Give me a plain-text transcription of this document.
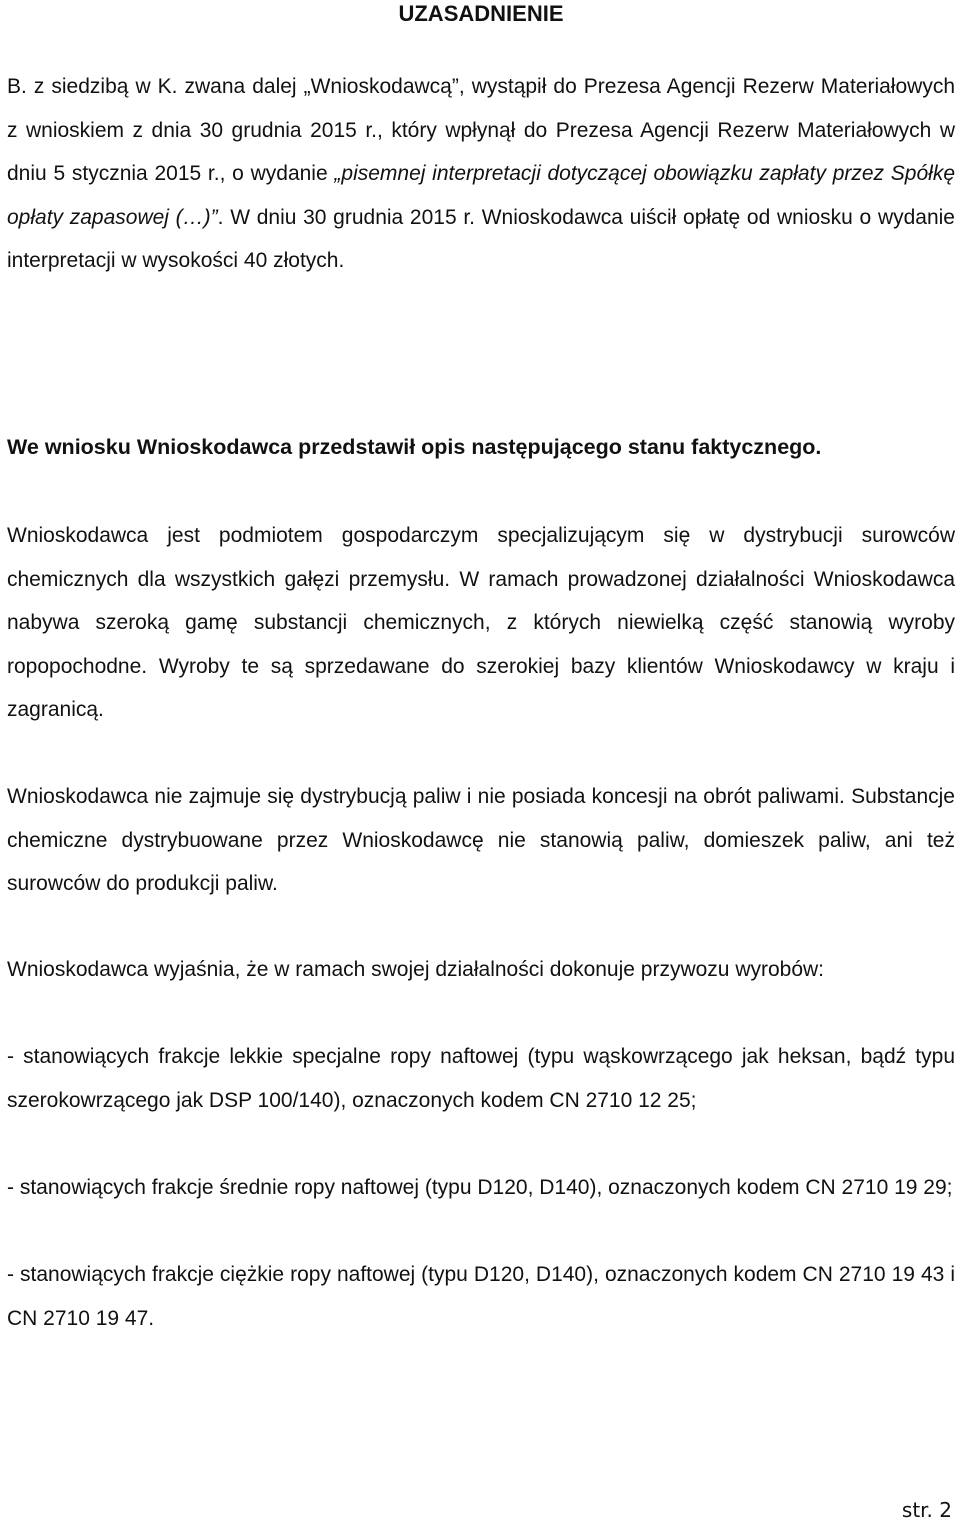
UZASADNIENIE

B. z siedzibą w K. zwana dalej „Wnioskodawcą”, wystąpił do Prezesa Agencji Rezerw Materiałowych z wnioskiem z dnia 30 grudnia 2015 r., który wpłynął do Prezesa Agencji Rezerw Materiałowych w dniu 5 stycznia 2015 r., o wydanie „pisemnej interpretacji dotyczącej obowiązku zapłaty przez Spółkę opłaty zapasowej (…)”. W dniu 30 grudnia 2015 r. Wnioskodawca uiścił opłatę od wniosku o wydanie interpretacji w wysokości 40 złotych.

We wniosku Wnioskodawca przedstawił opis następującego stanu faktycznego.

Wnioskodawca jest podmiotem gospodarczym specjalizującym się w dystrybucji surowców chemicznych dla wszystkich gałęzi przemysłu. W ramach prowadzonej działalności Wnioskodawca nabywa szeroką gamę substancji chemicznych, z których niewielką część stanowią wyroby ropopochodne. Wyroby te są sprzedawane do szerokiej bazy klientów Wnioskodawcy w kraju i zagranicą.

Wnioskodawca nie zajmuje się dystrybucją paliw i nie posiada koncesji na obrót paliwami. Substancje chemiczne dystrybuowane przez Wnioskodawcę nie stanowią paliw, domieszek paliw, ani też surowców do produkcji paliw.

Wnioskodawca wyjaśnia, że w ramach swojej działalności dokonuje przywozu wyrobów:

- stanowiących frakcje lekkie specjalne ropy naftowej (typu wąskowrzącego jak heksan, bądź typu szerokowrzącego jak DSP 100/140), oznaczonych kodem CN 2710 12 25;

- stanowiących frakcje średnie ropy naftowej (typu D120, D140), oznaczonych kodem CN 2710 19 29;

- stanowiących frakcje ciężkie ropy naftowej (typu D120, D140), oznaczonych kodem CN 2710 19 43 i CN 2710 19 47.

str. 2
